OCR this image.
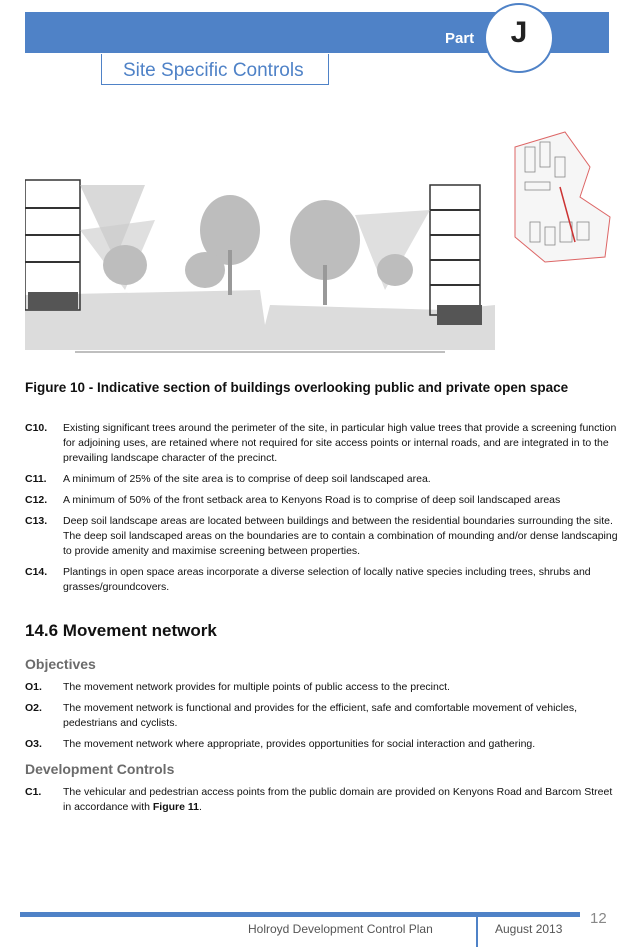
Part	J
Site Specific Controls
Figure 10 - Indicative section of buildings overlooking public and private open space
C10.	Existing significant trees around the perimeter of the site, in particular high value trees that provide a screening function for adjoining uses, are retained where not required for site access points or internal roads, and are integrated in to the prevailing landscape character of the precinct.
C11.	A minimum of 25% of the site area is to comprise of deep soil landscaped area.
C12.	A minimum of 50% of the front setback area to Kenyons Road is to comprise of deep soil landscaped areas
C13.	Deep soil landscape areas are located between buildings and between the residential boundaries surrounding the site. The deep soil landscaped areas on the boundaries are to contain a combination of mounding and/or dense landscaping to provide amenity and maximise screening between properties.
C14.	Plantings in open space areas incorporate a diverse selection of locally native species including trees, shrubs and grasses/groundcovers.
14.6 Movement network
Objectives
O1.	The movement network provides for multiple points of public access to the precinct.
O2.	The movement network is functional and provides for the efficient, safe and comfortable movement of vehicles, pedestrians and cyclists.
O3.	The movement network where appropriate, provides opportunities for social interaction and gathering.
Development Controls
C1.	The vehicular and pedestrian access points from the public domain are provided on Kenyons Road and Barcom Street in accordance with Figure 11.
Holroyd Development Control Plan	August 2013
12
